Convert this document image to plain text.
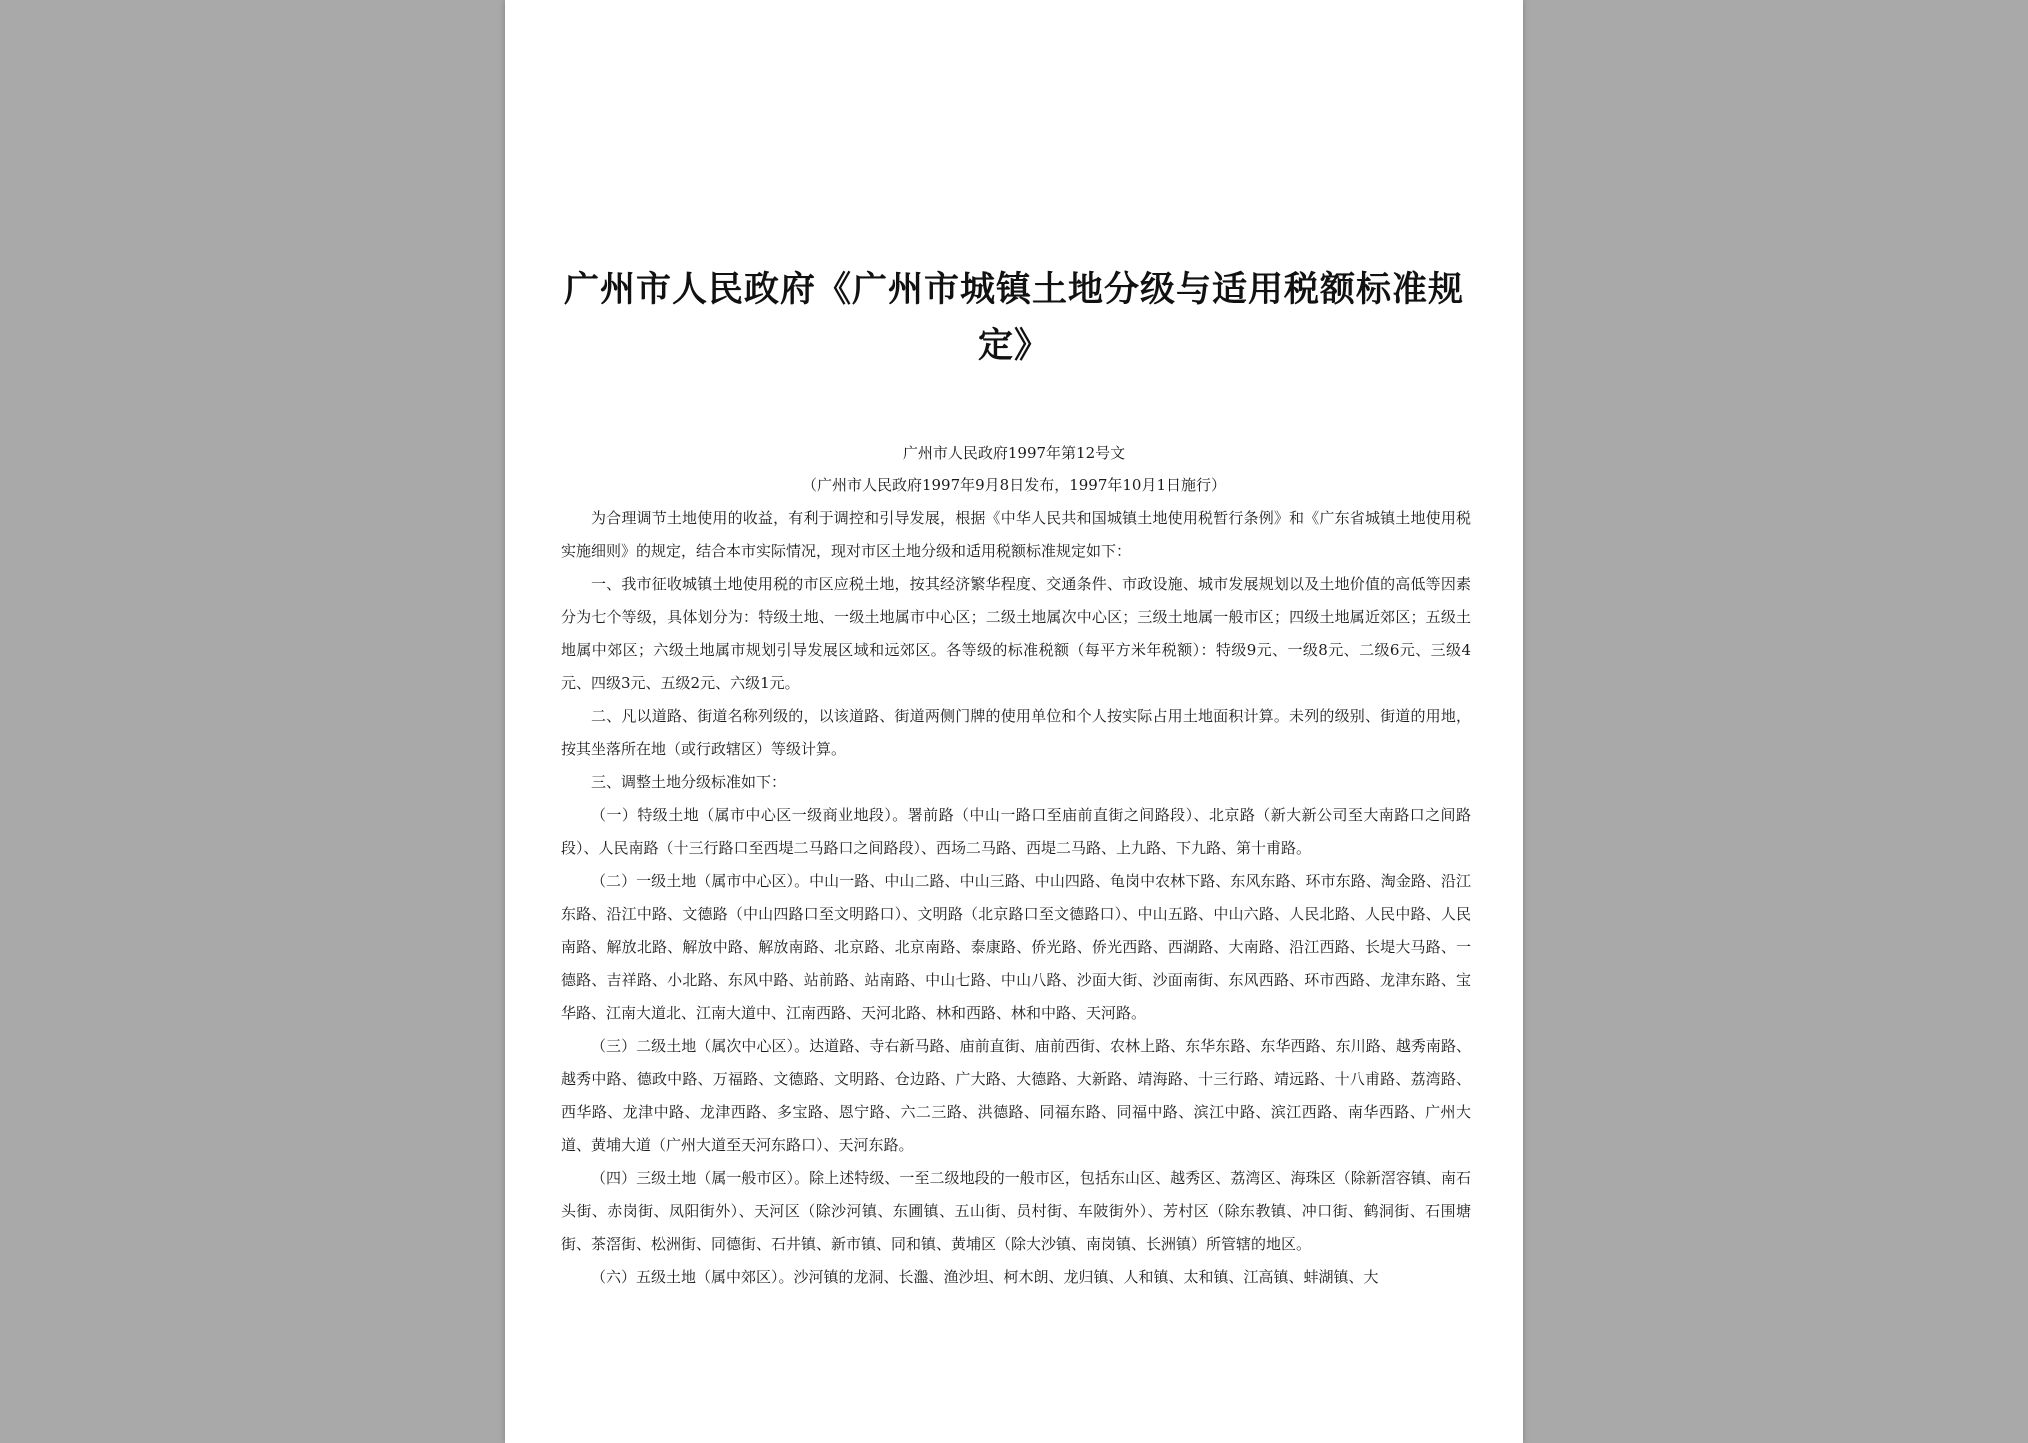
广州市人民政府《广州市城镇土地分级与适用税额标准规定》
广州市人民政府1997年第12号文
（广州市人民政府1997年9月8日发布，1997年10月1日施行）

为合理调节土地使用的收益，有利于调控和引导发展，根据《中华人民共和国城镇土地使用税暂行条例》和《广东省城镇土地使用税实施细则》的规定，结合本市实际情况，现对市区土地分级和适用税额标准规定如下：

一、我市征收城镇土地使用税的市区应税土地，按其经济繁华程度、交通条件、市政设施、城市发展规划以及土地价值的高低等因素分为七个等级，具体划分为：特级土地、一级土地属市中心区；二级土地属次中心区；三级土地属一般市区；四级土地属近郊区；五级土地属中郊区；六级土地属市规划引导发展区域和远郊区。各等级的标准税额（每平方米年税额）：特级9元、一级8元、二级6元、三级4元、四级3元、五级2元、六级1元。

二、凡以道路、街道名称列级的，以该道路、街道两侧门牌的使用单位和个人按实际占用土地面积计算。未列的级别、街道的用地，按其坐落所在地（或行政辖区）等级计算。

三、调整土地分级标准如下：

（一）特级土地（属市中心区一级商业地段）。署前路（中山一路口至庙前直街之间路段）、北京路（新大新公司至大南路口之间路段）、人民南路（十三行路口至西堤二马路口之间路段）、西场二马路、西堤二马路、上九路、下九路、第十甫路。

（二）一级土地（属市中心区）。中山一路、中山二路、中山三路、中山四路、龟岗中农林下路、东风东路、环市东路、淘金路、沿江东路、沿江中路、文德路（中山四路口至文明路口）、文明路（北京路口至文德路口）、中山五路、中山六路、人民北路、人民中路、人民南路、解放北路、解放中路、解放南路、北京路、北京南路、泰康路、侨光路、侨光西路、西湖路、大南路、沿江西路、长堤大马路、一德路、吉祥路、小北路、东风中路、站前路、站南路、中山七路、中山八路、沙面大街、沙面南街、东风西路、环市西路、龙津东路、宝华路、江南大道北、江南大道中、江南西路、天河北路、林和西路、林和中路、天河路。

（三）二级土地（属次中心区）。达道路、寺右新马路、庙前直街、庙前西街、农林上路、东华东路、东华西路、东川路、越秀南路、越秀中路、德政中路、万福路、文德路、文明路、仓边路、广大路、大德路、大新路、靖海路、十三行路、靖远路、十八甫路、荔湾路、西华路、龙津中路、龙津西路、多宝路、恩宁路、六二三路、洪德路、同福东路、同福中路、滨江中路、滨江西路、南华西路、广州大道、黄埔大道（广州大道至天河东路口）、天河东路。

（四）三级土地（属一般市区）。除上述特级、一至二级地段的一般市区，包括东山区、越秀区、荔湾区、海珠区（除新滘容镇、南石头街、赤岗街、凤阳街外）、天河区（除沙河镇、东圃镇、五山街、员村街、车陂街外）、芳村区（除东教镇、冲口街、鹤洞街、石围塘街、茶滘街、松洲街、同德街、石井镇、新市镇、同和镇、黄埔区（除大沙镇、南岗镇、长洲镇）所管辖的地区。

（六）五级土地（属中郊区）。沙河镇的龙洞、长瀊、渔沙坦、柯木朗、龙归镇、人和镇、太和镇、江高镇、蚌湖镇、大
